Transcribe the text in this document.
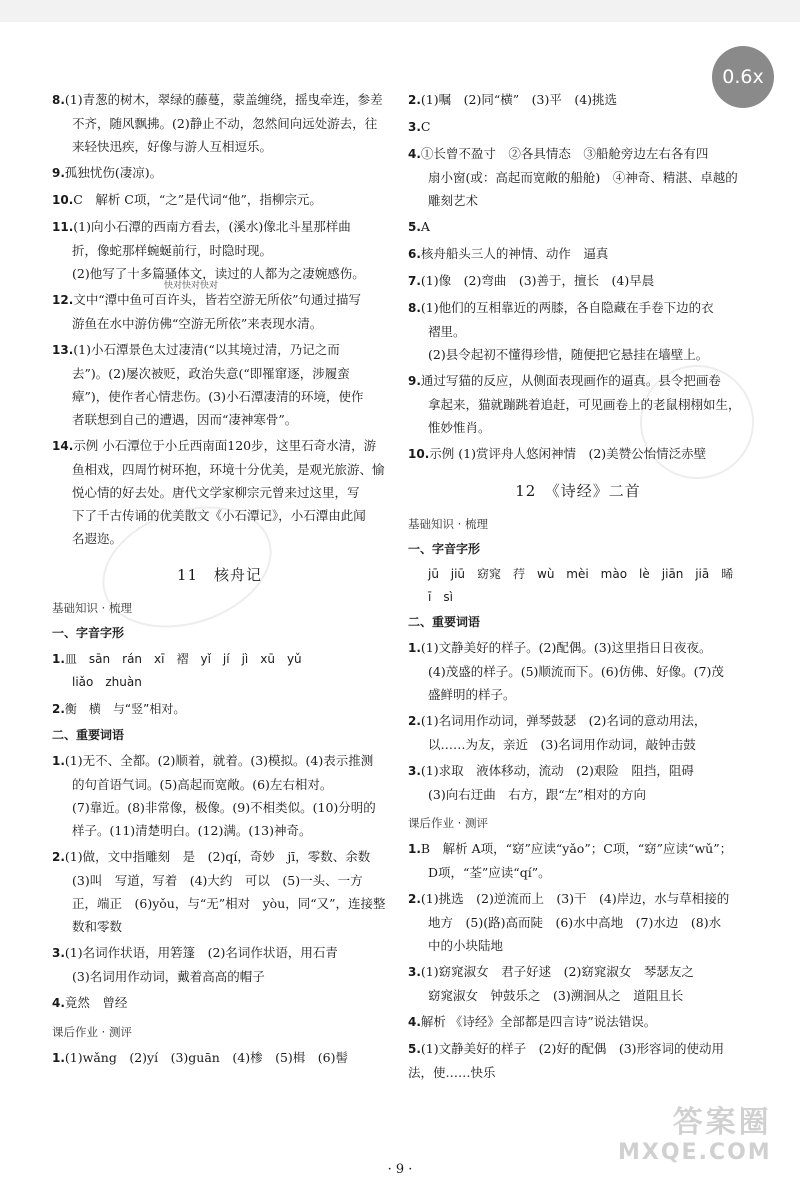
0.6x
快对快对快对

8.(1)青葱的树木，翠绿的藤蔓，蒙盖缠绕，摇曳牵连，参差

不齐，随风飘拂。(2)静止不动，忽然间向远处游去，往

来轻快迅疾，好像与游人互相逗乐。

9.孤独忧伤(凄凉)。

10.C　解析 C项，“之”是代词“他”，指柳宗元。

11.(1)向小石潭的西南方看去，(溪水)像北斗星那样曲

折，像蛇那样蜿蜒前行，时隐时现。

(2)他写了十多篇骚体文，读过的人都为之凄婉感伤。

12.文中“潭中鱼可百许头，皆若空游无所依”句通过描写

游鱼在水中游仿佛“空游无所依”来表现水清。

13.(1)小石潭景色太过凄清(“以其境过清，乃记之而

去”)。(2)屡次被贬，政治失意(“即罹窜逐，涉履蛮

瘴”)，使作者心情悲伤。(3)小石潭凄清的环境，使作

者联想到自己的遭遇，因而“凄神寒骨”。

14.示例 小石潭位于小丘西南面120步，这里石奇水清，游

鱼相戏，四周竹树环抱，环境十分优美，是观光旅游、愉

悦心情的好去处。唐代文学家柳宗元曾来过这里，写

下了千古传诵的优美散文《小石潭记》，小石潭由此闻

名遐迩。

11　核舟记
基础知识 · 梳理
一、字音字形

1.皿　sān　rán　xī　褶　yǐ　jí　jì　xū　yǔ

liǎo　zhuàn

2.衡　横　与“竖”相对。

二、重要词语

1.(1)无不、全都。(2)顺着，就着。(3)模拟。(4)表示推测

的句首语气词。(5)高起而宽敞。(6)左右相对。

(7)靠近。(8)非常像，极像。(9)不相类似。(10)分明的

样子。(11)清楚明白。(12)满。(13)神奇。

2.(1)做，文中指雕刻　是　(2)qí，奇妙　jī，零数、余数

(3)叫　写道，写着　(4)大约　可以　(5)一头、一方

正，端正　(6)yǒu，与“无”相对　yòu，同“又”，连接整

数和零数

3.(1)名词作状语，用箬篷　(2)名词作状语，用石青

(3)名词用作动词，戴着高高的帽子

4.竟然　曾经

课后作业 · 测评

1.(1)wǎng　(2)yí　(3)guān　(4)椮　(5)楫　(6)髻

2.(1)嘱　(2)同“横”　(3)平　(4)挑选

3.C

4.①长曾不盈寸　②各具情态　③船舱旁边左右各有四

扇小窗(或：高起而宽敞的船舱)　④神奇、精湛、卓越的

雕刻艺术

5.A

6.核舟船头三人的神情、动作　逼真

7.(1)像　(2)弯曲　(3)善于，擅长　(4)早晨

8.(1)他们的互相靠近的两膝，各自隐藏在手卷下边的衣

褶里。

(2)县令起初不懂得珍惜，随便把它悬挂在墙壁上。

9.通过写猫的反应，从侧面表现画作的逼真。县令把画卷

拿起来，猫就蹦跳着追赶，可见画卷上的老鼠栩栩如生，

惟妙惟肖。

10.示例 (1)赏评舟人悠闲神情　(2)美赞公怡情泛赤壁

12　《诗经》二首
基础知识 · 梳理
一、字音字形
jū jiū　窈窕　荇　wù mèi　mào　lè　jiān jiā　晞
ī　sì
二、重要词语

1.(1)文静美好的样子。(2)配偶。(3)这里指日日夜夜。

(4)茂盛的样子。(5)顺流而下。(6)仿佛、好像。(7)茂

盛鲜明的样子。

2.(1)名词用作动词，弹琴鼓瑟　(2)名词的意动用法，

以……为友，亲近　(3)名词用作动词，敲钟击鼓

3.(1)求取　液体移动，流动　(2)艰险　阻挡，阻碍

(3)向右迂曲　右方，跟“左”相对的方向

课后作业 · 测评

1.B　解析 A项，“窈”应读“yǎo”；C项，“窈”应读“wǔ”；

D项，“荃”应读“qí”。

2.(1)挑选　(2)逆流而上　(3)干　(4)岸边，水与草相接的

地方　(5)(路)高而陡　(6)水中高地　(7)水边　(8)水

中的小块陆地

3.(1)窈窕淑女　君子好逑　(2)窈窕淑女　琴瑟友之

窈窕淑女　钟鼓乐之　(3)溯洄从之　道阻且长

4.解析 《诗经》全部都是四言诗”说法错误。

5.(1)文静美好的样子　(2)好的配偶　(3)形容词的使动用法，使……快乐

· 9 ·
答案圈
MXQE.COM
